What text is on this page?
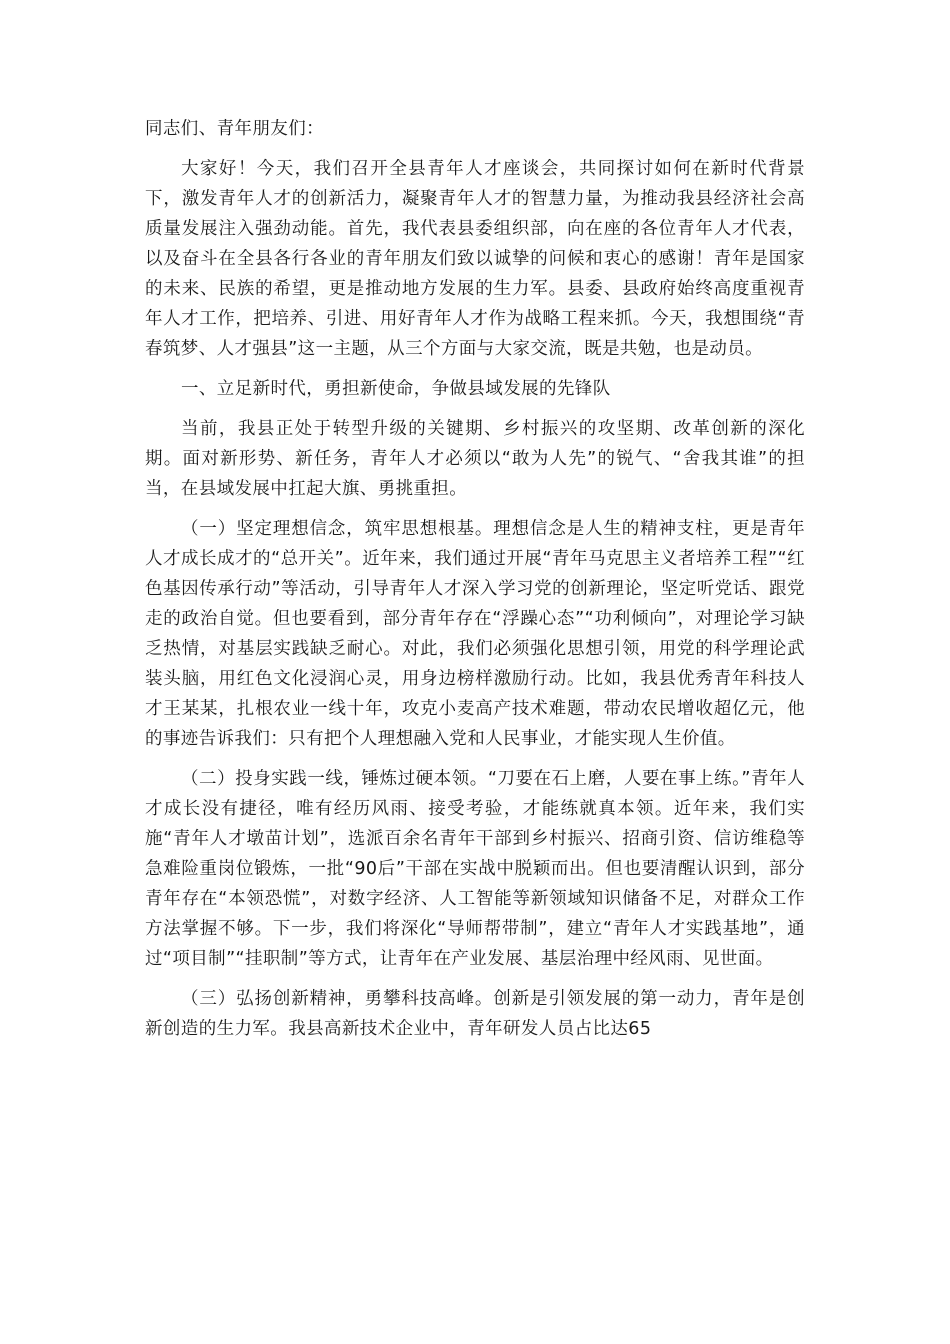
同志们、青年朋友们：

大家好！今天，我们召开全县青年人才座谈会，共同探讨如何在新时代背景下，激发青年人才的创新活力，凝聚青年人才的智慧力量，为推动我县经济社会高质量发展注入强劲动能。首先，我代表县委组织部，向在座的各位青年人才代表，以及奋斗在全县各行各业的青年朋友们致以诚挚的问候和衷心的感谢！青年是国家的未来、民族的希望，更是推动地方发展的生力军。县委、县政府始终高度重视青年人才工作，把培养、引进、用好青年人才作为战略工程来抓。今天，我想围绕“青春筑梦、人才强县”这一主题，从三个方面与大家交流，既是共勉，也是动员。

一、立足新时代，勇担新使命，争做县域发展的先锋队

当前，我县正处于转型升级的关键期、乡村振兴的攻坚期、改革创新的深化期。面对新形势、新任务，青年人才必须以“敢为人先”的锐气、“舍我其谁”的担当，在县域发展中扛起大旗、勇挑重担。

（一）坚定理想信念，筑牢思想根基。理想信念是人生的精神支柱，更是青年人才成长成才的“总开关”。近年来，我们通过开展“青年马克思主义者培养工程”“红色基因传承行动”等活动，引导青年人才深入学习党的创新理论，坚定听党话、跟党走的政治自觉。但也要看到，部分青年存在“浮躁心态”“功利倾向”，对理论学习缺乏热情，对基层实践缺乏耐心。对此，我们必须强化思想引领，用党的科学理论武装头脑，用红色文化浸润心灵，用身边榜样激励行动。比如，我县优秀青年科技人才王某某，扎根农业一线十年，攻克小麦高产技术难题，带动农民增收超亿元，他的事迹告诉我们：只有把个人理想融入党和人民事业，才能实现人生价值。

（二）投身实践一线，锤炼过硬本领。“刀要在石上磨，人要在事上练。”青年人才成长没有捷径，唯有经历风雨、接受考验，才能练就真本领。近年来，我们实施“青年人才墩苗计划”，选派百余名青年干部到乡村振兴、招商引资、信访维稳等急难险重岗位锻炼，一批“90后”干部在实战中脱颖而出。但也要清醒认识到，部分青年存在“本领恐慌”，对数字经济、人工智能等新领域知识储备不足，对群众工作方法掌握不够。下一步，我们将深化“导师帮带制”，建立“青年人才实践基地”，通过“项目制”“挂职制”等方式，让青年在产业发展、基层治理中经风雨、见世面。

（三）弘扬创新精神，勇攀科技高峰。创新是引领发展的第一动力，青年是创新创造的生力军。我县高新技术企业中，青年研发人员占比达65
